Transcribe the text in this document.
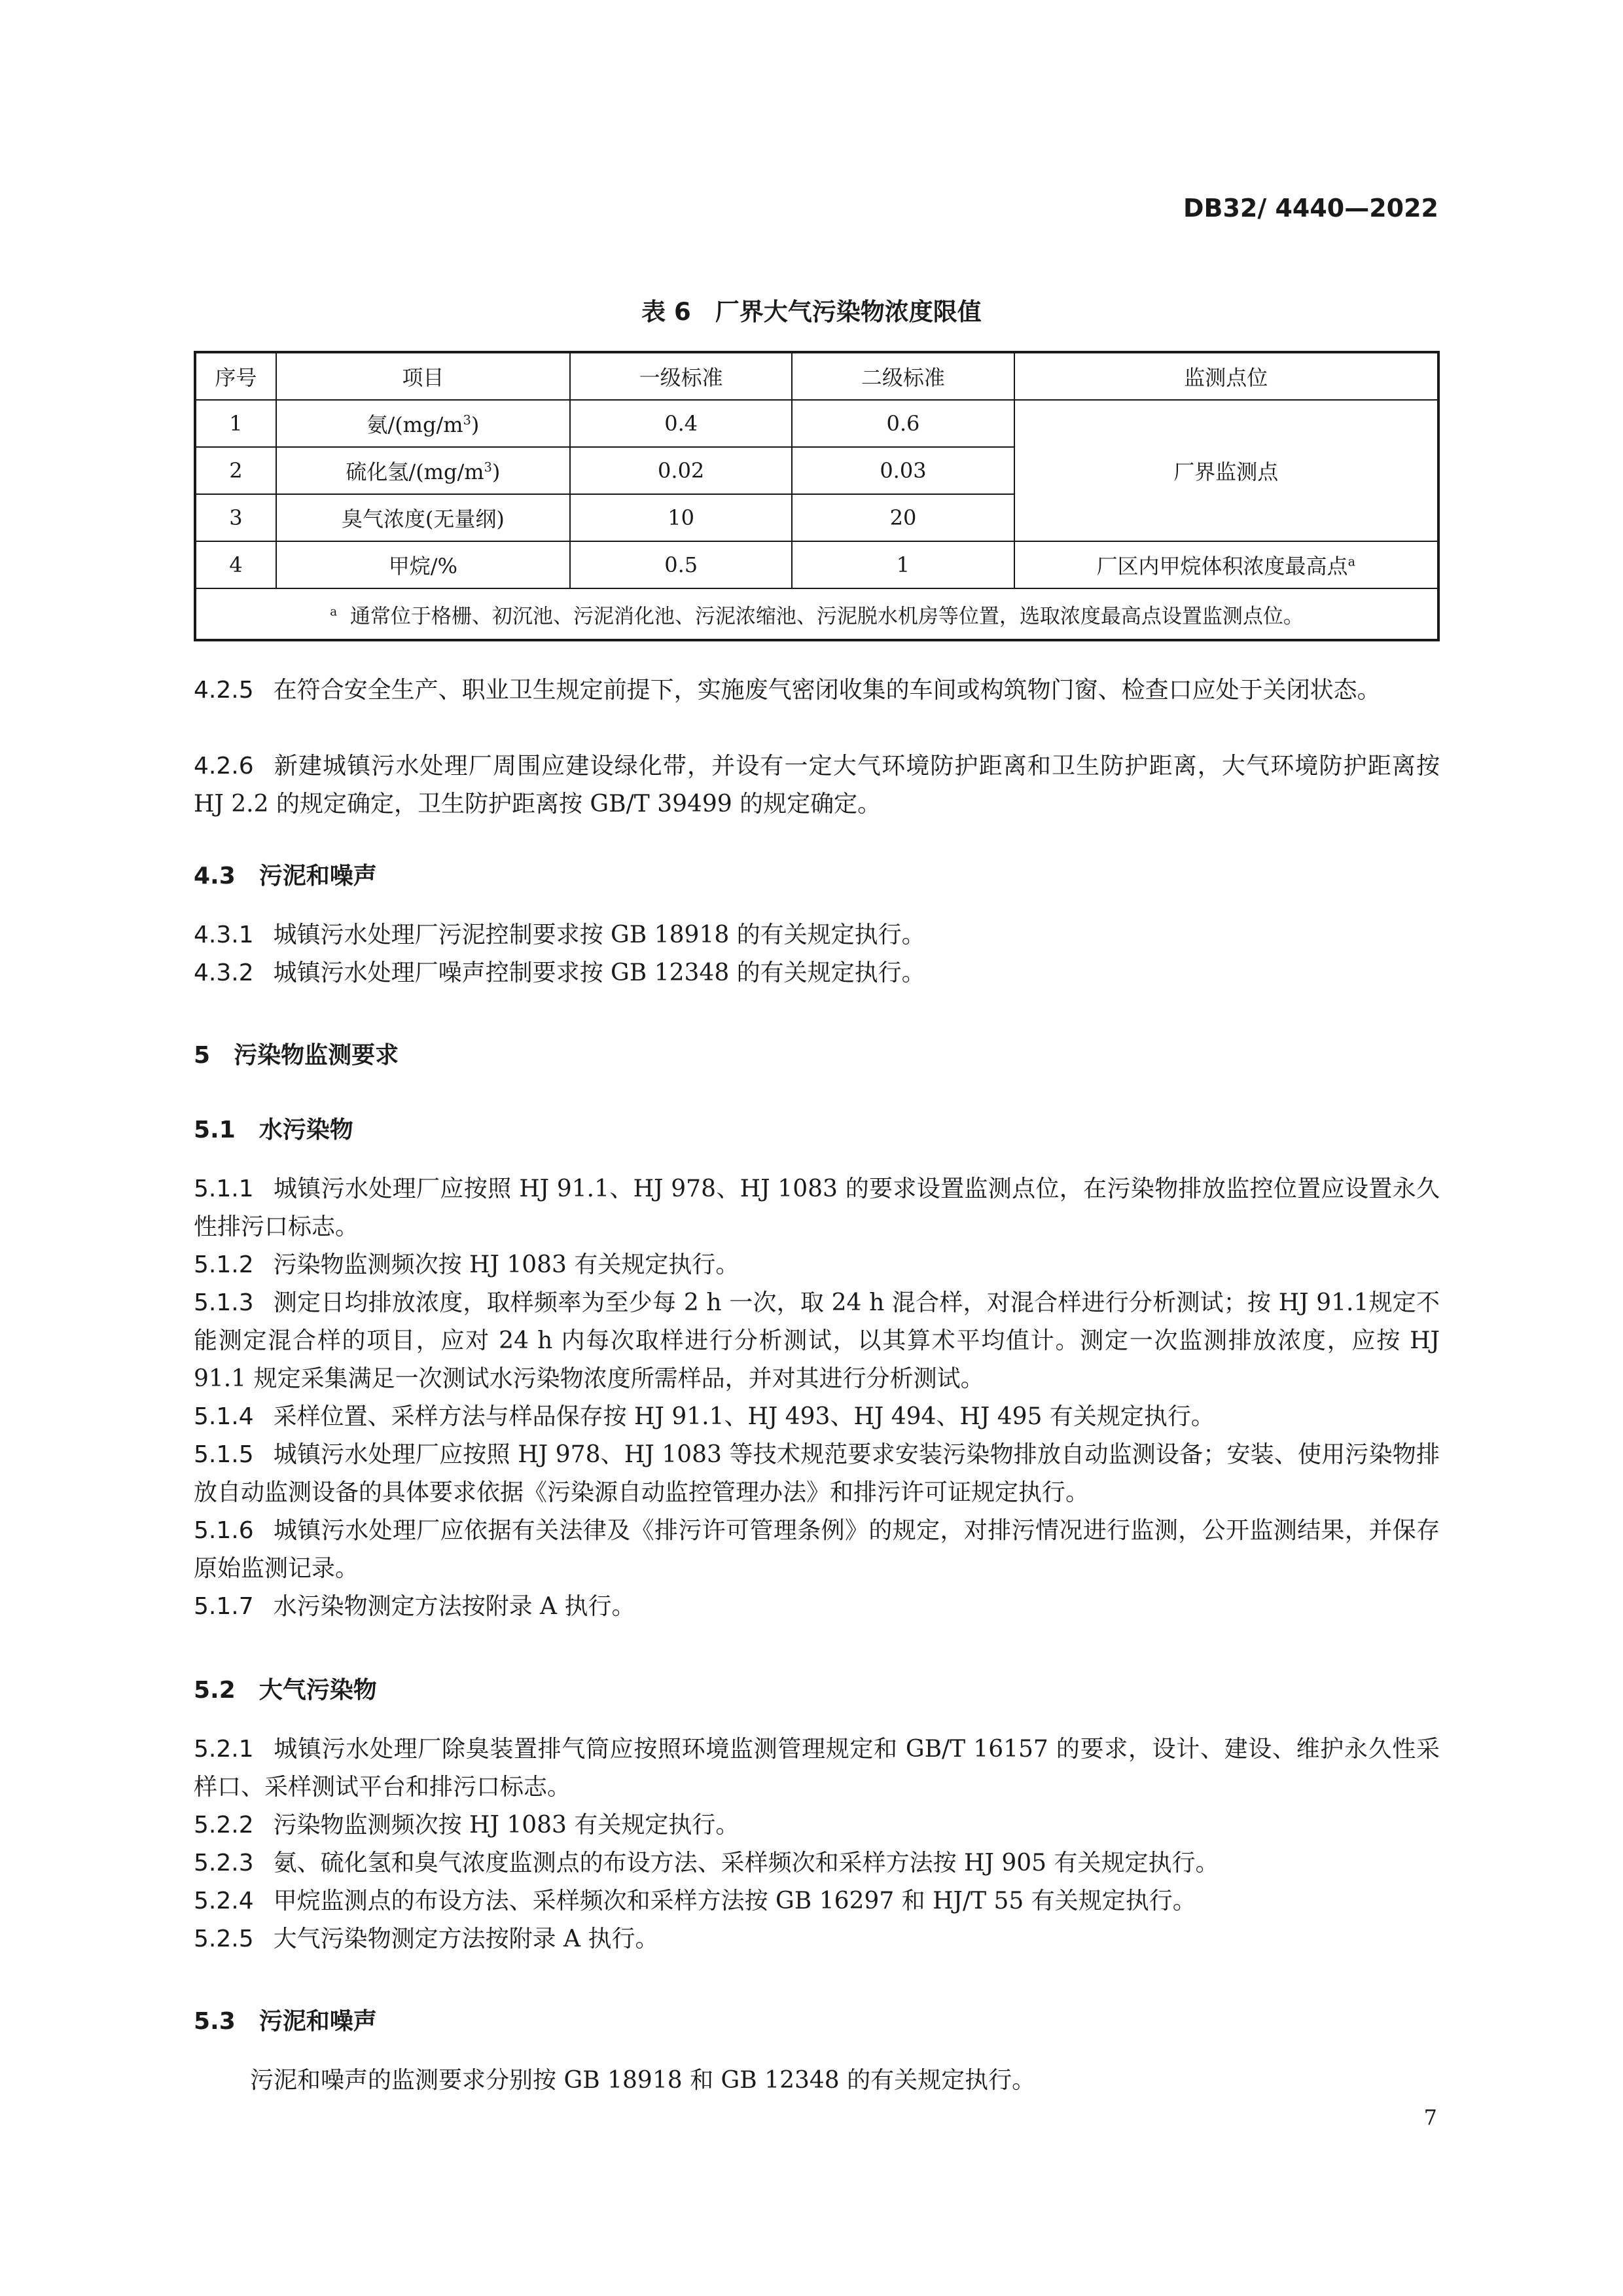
DB32/ 4440—2022
表 6　厂界大气污染物浓度限值
序号	项目	一级标准	二级标准	监测点位
1	氨$/(mg/m^3)$	0.4	0.6	厂界监测点
2	硫化氢$/(mg/m^3)$	0.02	0.03	
3	臭气浓度(无量纲)	10	20	
4	甲烷/%	0.5	1	厂区内甲烷体积浓度最高点$^a$
$^a$ 通常位于格栅、初沉池、污泥消化池、污泥浓缩池、污泥脱水机房等位置，选取浓度最高点设置监测点位。				
4.2.5 在符合安全生产、职业卫生规定前提下，实施废气密闭收集的车间或构筑物门窗、检查口应处于关闭状态。
4.2.6 新建城镇污水处理厂周围应建设绿化带，并设有一定大气环境防护距离和卫生防护距离，大气环境防护距离按 HJ 2.2 的规定确定，卫生防护距离按 GB/T 39499 的规定确定。
4.3 污泥和噪声
4.3.1 城镇污水处理厂污泥控制要求按 GB 18918 的有关规定执行。
4.3.2 城镇污水处理厂噪声控制要求按 GB 12348 的有关规定执行。
5 污染物监测要求
5.1 水污染物
5.1.1 城镇污水处理厂应按照 HJ 91.1、HJ 978、HJ 1083 的要求设置监测点位，在污染物排放监控位置应设置永久性排污口标志。
5.1.2 污染物监测频次按 HJ 1083 有关规定执行。
5.1.3 测定日均排放浓度，取样频率为至少每 2 h 一次，取 24 h 混合样，对混合样进行分析测试；按 HJ 91.1规定不能测定混合样的项目，应对 24 h 内每次取样进行分析测试，以其算术平均值计。测定一次监测排放浓度，应按 HJ 91.1 规定采集满足一次测试水污染物浓度所需样品，并对其进行分析测试。
5.1.4 采样位置、采样方法与样品保存按 HJ 91.1、HJ 493、HJ 494、HJ 495 有关规定执行。
5.1.5 城镇污水处理厂应按照 HJ 978、HJ 1083 等技术规范要求安装污染物排放自动监测设备；安装、使用污染物排放自动监测设备的具体要求依据《污染源自动监控管理办法》和排污许可证规定执行。
5.1.6 城镇污水处理厂应依据有关法律及《排污许可管理条例》的规定，对排污情况进行监测，公开监测结果，并保存原始监测记录。
5.1.7 水污染物测定方法按附录 A 执行。
5.2 大气污染物
5.2.1 城镇污水处理厂除臭装置排气筒应按照环境监测管理规定和 GB/T 16157 的要求，设计、建设、维护永久性采样口、采样测试平台和排污口标志。
5.2.2 污染物监测频次按 HJ 1083 有关规定执行。
5.2.3 氨、硫化氢和臭气浓度监测点的布设方法、采样频次和采样方法按 HJ 905 有关规定执行。
5.2.4 甲烷监测点的布设方法、采样频次和采样方法按 GB 16297 和 HJ/T 55 有关规定执行。
5.2.5 大气污染物测定方法按附录 A 执行。
5.3 污泥和噪声
污泥和噪声的监测要求分别按 GB 18918 和 GB 12348 的有关规定执行。
7
